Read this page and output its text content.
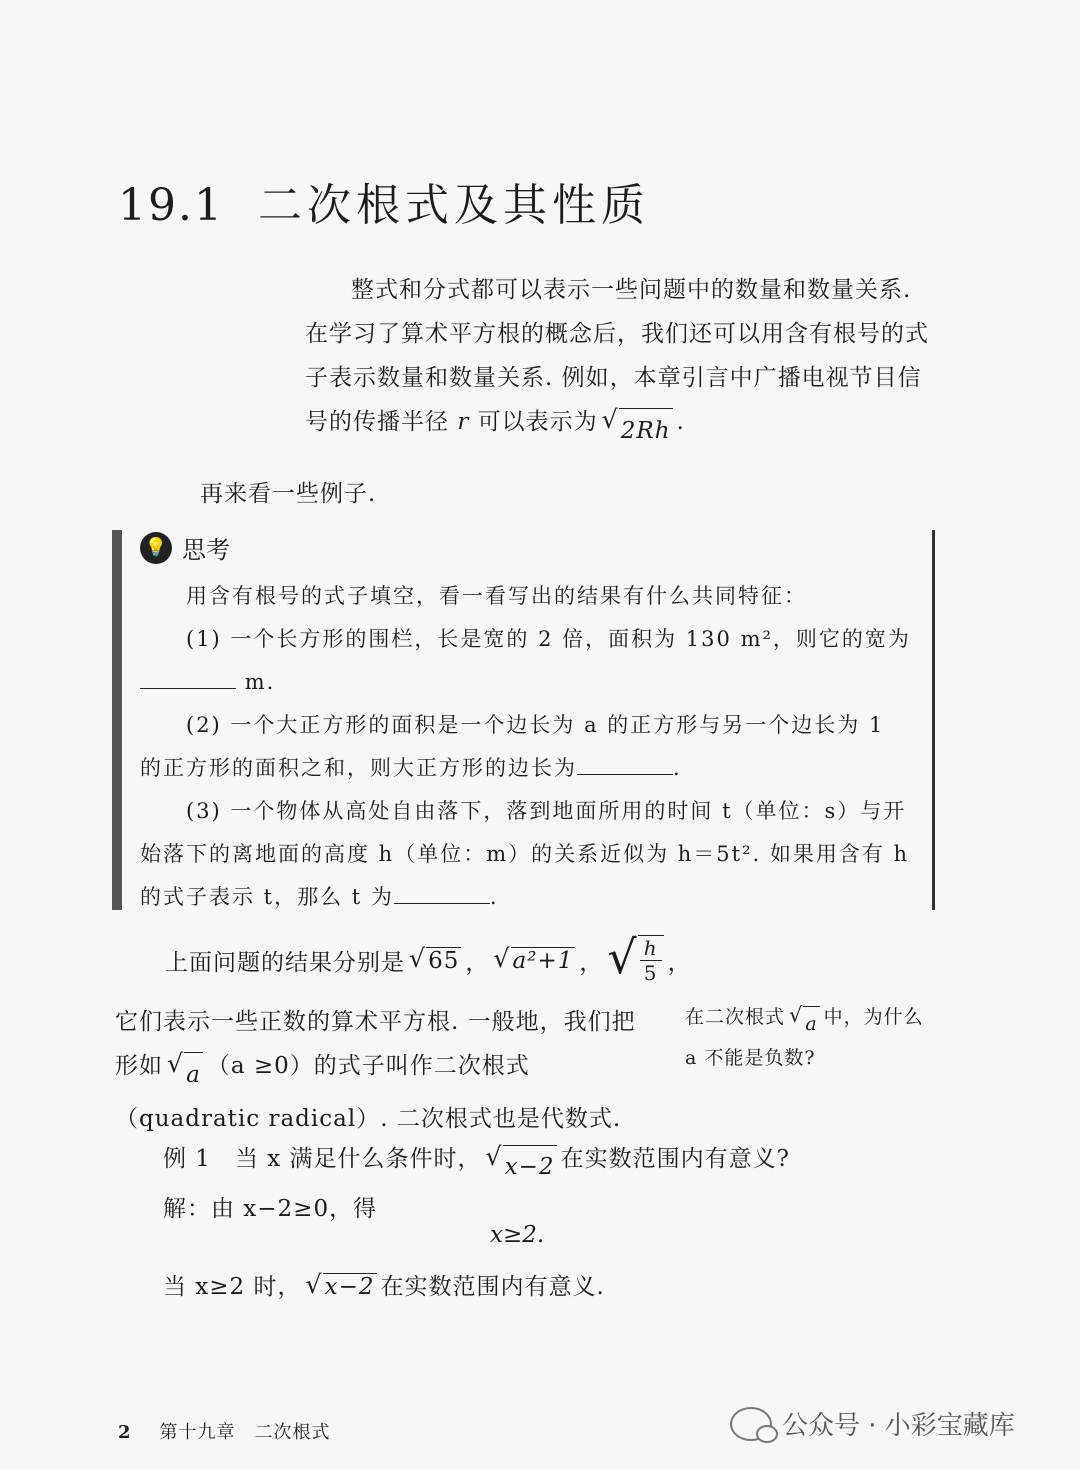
19.1 二次根式及其性质

整式和分式都可以表示一些问题中的数量和数量关系.

在学习了算术平方根的概念后，我们还可以用含有根号的式子表示数量和数量关系. 例如，本章引言中广播电视节目信号的传播半径 r 可以表示为 √ 2Rh .

再来看一些例子.
💡 思考

用含有根号的式子填空，看一看写出的结果有什么共同特征：

(1) 一个长方形的围栏，长是宽的 2 倍，面积为 130 m²，则它的宽为  m.

(2) 一个大正方形的面积是一个边长为 a 的正方形与另一个边长为 1 的正方形的面积之和，则大正方形的边长为	.

(3) 一个物体从高处自由落下，落到地面所用的时间 t（单位：s）与开始落下的离地面的高度 h（单位：m）的关系近似为 h＝5t². 如果用含有 h 的式子表示 t，那么 t 为	.

上面问题的结果分别是 √ 65 ， √ a²+1 ， √ $\frac{h}{5}$ ，

它们表示一些正数的算术平方根. 一般地，我们把形如 √ a （a ≥0）的式子叫作二次根式（quadratic radical）. 二次根式也是代数式.

在二次根式 √ a 中，为什么 a 不能是负数?

例 1　 当 x 满足什么条件时， √ x−2 在实数范围内有意义?

解：由 x−2≥0，得

x≥2.
当 x≥2 时， √ x−2 在实数范围内有意义.
2 第十九章　二次根式	公众号 · 小彩宝藏库
